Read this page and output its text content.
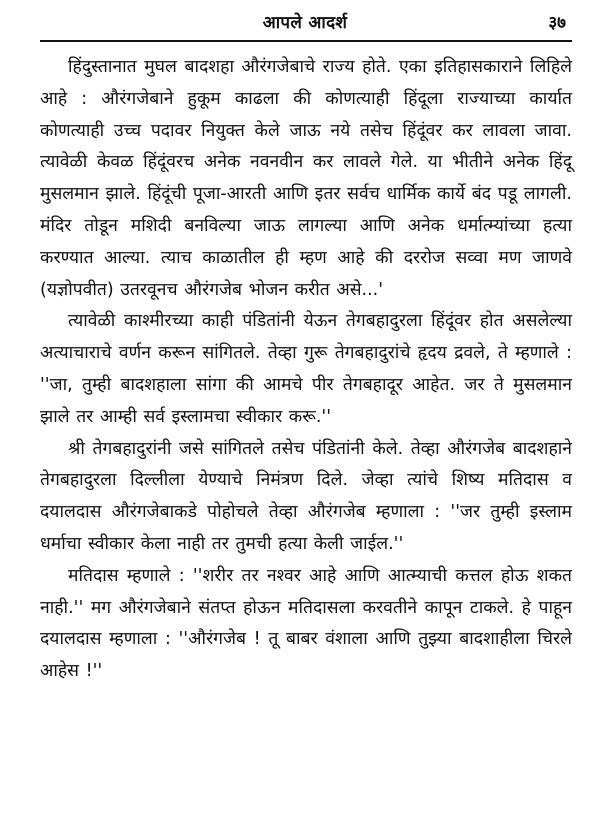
आपले आदर्श	३७

हिंदुस्तानात मुघल बादशहा औरंगजेबाचे राज्य होते. एका इतिहासकाराने लिहिले आहे : औरंगजेबाने हुकूम काढला की कोणत्याही हिंदूला राज्याच्या कार्यात कोणत्याही उच्च पदावर नियुक्त केले जाऊ नये तसेच हिंदूंवर कर लावला जावा. त्यावेळी केवळ हिंदूंवरच अनेक नवनवीन कर लावले गेले. या भीतीने अनेक हिंदू मुसलमान झाले. हिंदूंची पूजा-आरती आणि इतर सर्वच धार्मिक कार्ये बंद पडू लागली. मंदिर तोडून मशिदी बनविल्या जाऊ लागल्या आणि अनेक धर्मात्म्यांच्या हत्या करण्यात आल्या. त्याच काळातील ही म्हण आहे की दररोज सव्वा मण जाणवे (यज्ञोपवीत) उतरवूनच औरंगजेब भोजन करीत असे...'

त्यावेळी काश्मीरच्या काही पंडितांनी येऊन तेगबहादुरला हिंदूंवर होत असलेल्या अत्याचाराचे वर्णन करून सांगितले. तेव्हा गुरू तेगबहादुरांचे हृदय द्रवले, ते म्हणाले : ''जा, तुम्ही बादशहाला सांगा की आमचे पीर तेगबहादूर आहेत. जर ते मुसलमान झाले तर आम्ही सर्व इस्लामचा स्वीकार करू.''

श्री तेगबहादुरांनी जसे सांगितले तसेच पंडितांनी केले. तेव्हा औरंगजेब बादशहाने तेगबहादुरला दिल्लीला येण्याचे निमंत्रण दिले. जेव्हा त्यांचे शिष्य मतिदास व दयालदास औरंगजेबाकडे पोहोचले तेव्हा औरंगजेब म्हणाला : ''जर तुम्ही इस्लाम धर्माचा स्वीकार केला नाही तर तुमची हत्या केली जाईल.''

मतिदास म्हणाले : ''शरीर तर नश्वर आहे आणि आत्म्याची कत्तल होऊ शकत नाही.'' मग औरंगजेबाने संतप्त होऊन मतिदासला करवतीने कापून टाकले. हे पाहून दयालदास म्हणाला : ''औरंगजेब ! तू बाबर वंशाला आणि तुझ्या बादशाहीला चिरले आहेस !''
